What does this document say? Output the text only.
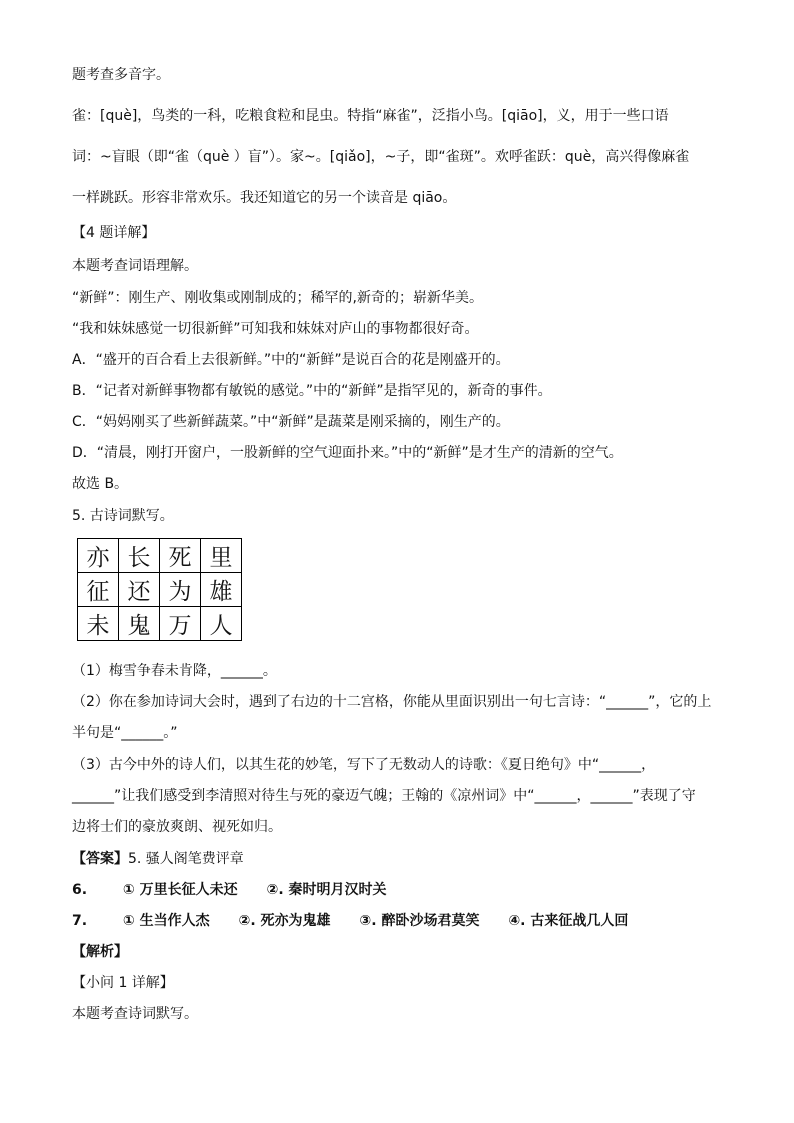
题考查多音字。
雀：[què]，鸟类的一科，吃粮食粒和昆虫。特指“麻雀”，泛指小鸟。[qiāo]，义，用于一些口语
词：~盲眼（即“雀（què ）盲”）。家~。[qiǎo]，~子，即“雀斑”。欢呼雀跃：què，高兴得像麻雀
一样跳跃。形容非常欢乐。我还知道它的另一个读音是 qiāo。
【4 题详解】
本题考查词语理解。
“新鲜”：刚生产、刚收集或刚制成的；稀罕的,新奇的；崭新华美。
“我和妹妹感觉一切很新鲜”可知我和妹妹对庐山的事物都很好奇。
A．“盛开的百合看上去很新鲜。”中的“新鲜”是说百合的花是刚盛开的。
B．“记者对新鲜事物都有敏锐的感觉。”中的“新鲜”是指罕见的，新奇的事件。
C．“妈妈刚买了些新鲜蔬菜。”中“新鲜”是蔬菜是刚采摘的，刚生产的。
D．“清晨，刚打开窗户，一股新鲜的空气迎面扑来。”中的“新鲜”是才生产的清新的空气。
故选 B。
5. 古诗词默写。
亦	长	死	里
征	还	为	雄
未	鬼	万	人
（1）梅雪争春未肯降，______。
（2）你在参加诗词大会时，遇到了右边的十二宫格，你能从里面识别出一句七言诗：“______”，它的上
半句是“______。”
（3）古今中外的诗人们，以其生花的妙笔，写下了无数动人的诗歌：《夏日绝句》中“______，
______”让我们感受到李清照对待生与死的豪迈气魄；王翰的《凉州词》中“______，______”表现了守
边将士们的豪放爽朗、视死如归。
【答案】5. 骚人阁笔费评章
6.	① 万里长征人未还 ②. 秦时明月汉时关
7.	① 生当作人杰 ②. 死亦为鬼雄 ③. 醉卧沙场君莫笑 ④. 古来征战几人回
【解析】
【小问 1 详解】
本题考查诗词默写。
